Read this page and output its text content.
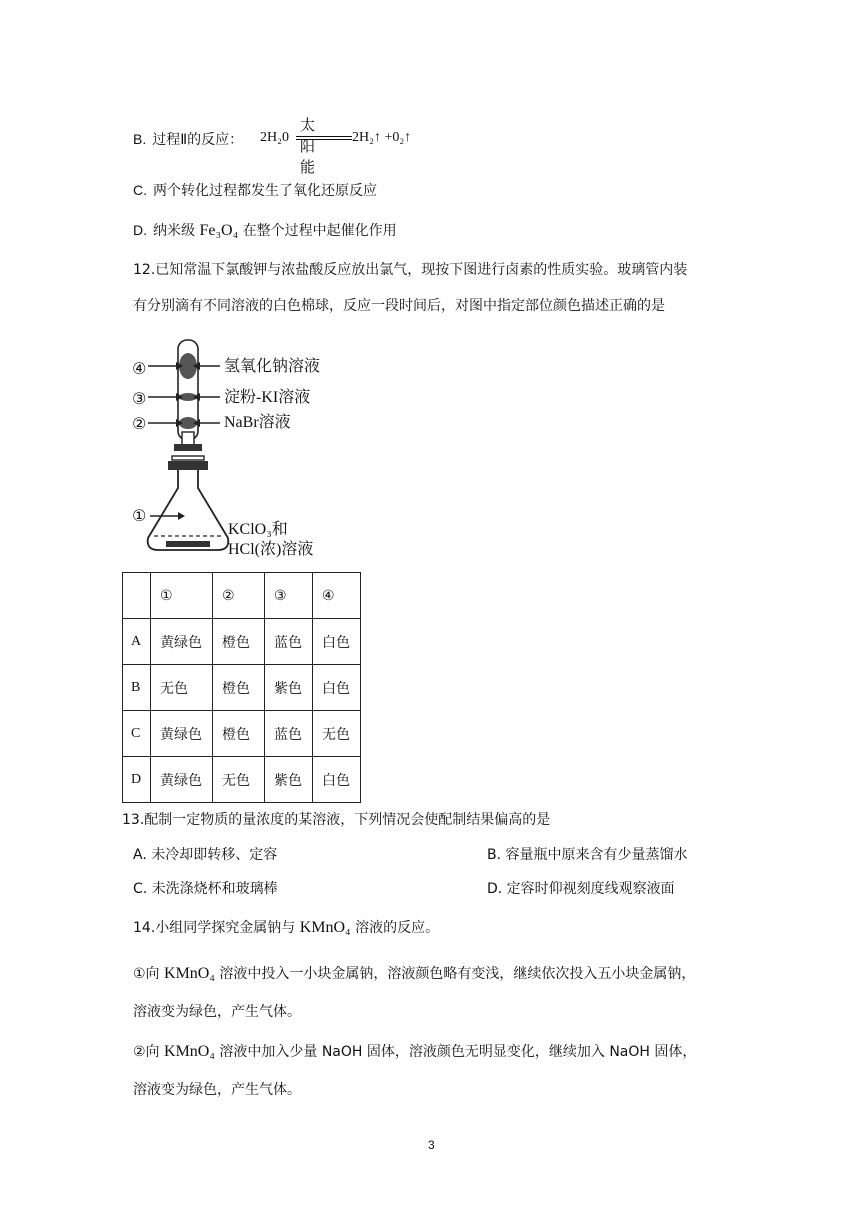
B. 过程Ⅱ的反应：
太阳能
2H₂0	2H₂↑ +0₂↑
C. 两个转化过程都发生了氧化还原反应
D. 纳米级 Fe₃O₄ 在整个过程中起催化作用
12.已知常温下氯酸钾与浓盐酸反应放出氯气，现按下图进行卤素的性质实验。玻璃管内装
有分别滴有不同溶液的白色棉球，反应一段时间后，对图中指定部位颜色描述正确的是
④
③
②
①
氢氧化钠溶液
淀粉-KI溶液
NaBr溶液
KClO₃和
HCl(浓)溶液
	①	②	③	④
A	黄绿色	橙色	蓝色	白色
B	无色	橙色	紫色	白色
C	黄绿色	橙色	蓝色	无色
D	黄绿色	无色	紫色	白色
13.配制一定物质的量浓度的某溶液，下列情况会使配制结果偏高的是
A. 未冷却即转移、定容	B. 容量瓶中原来含有少量蒸馏水
C. 未洗涤烧杯和玻璃棒	D. 定容时仰视刻度线观察液面
14.小组同学探究金属钠与 KMnO₄ 溶液的反应。
①向 KMnO₄ 溶液中投入一小块金属钠，溶液颜色略有变浅，继续依次投入五小块金属钠，
溶液变为绿色，产生气体。
②向 KMnO₄ 溶液中加入少量 NaOH 固体，溶液颜色无明显变化，继续加入 NaOH 固体，
溶液变为绿色，产生气体。
3
